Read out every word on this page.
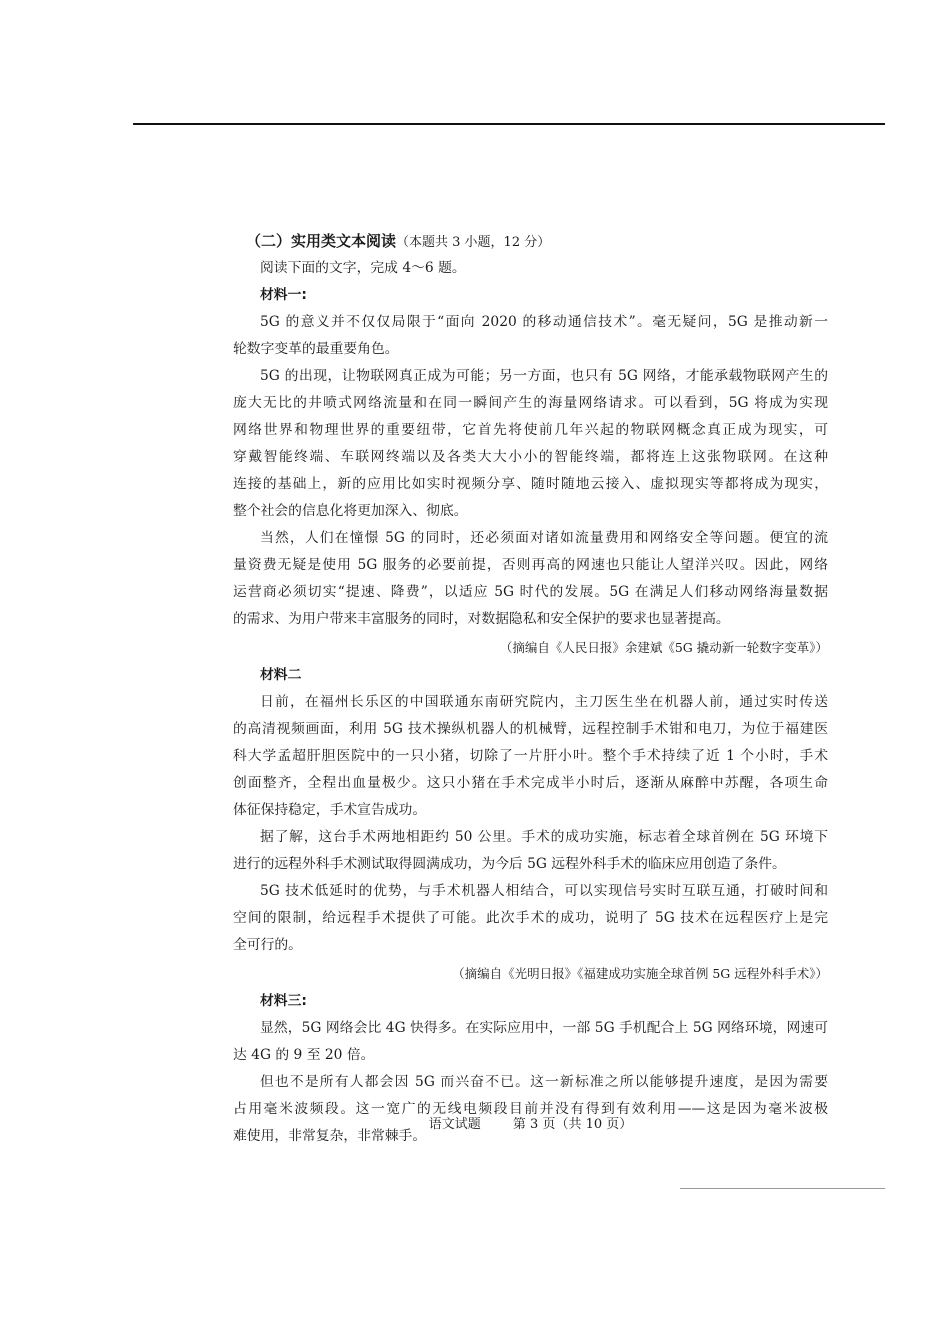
（二）实用类文本阅读（本题共 3 小题，12 分）
阅读下面的文字，完成 4～6 题。
材料一:
5G 的意义并不仅仅局限于“面向 2020 的移动通信技术”。毫无疑问，5G 是推动新一
轮数字变革的最重要角色。
5G 的出现，让物联网真正成为可能；另一方面，也只有 5G 网络，才能承载物联网产生的
庞大无比的井喷式网络流量和在同一瞬间产生的海量网络请求。可以看到，5G 将成为实现
网络世界和物理世界的重要纽带，它首先将使前几年兴起的物联网概念真正成为现实，可
穿戴智能终端、车联网终端以及各类大大小小的智能终端，都将连上这张物联网。在这种
连接的基础上，新的应用比如实时视频分享、随时随地云接入、虚拟现实等都将成为现实，
整个社会的信息化将更加深入、彻底。
当然，人们在憧憬 5G 的同时，还必须面对诸如流量费用和网络安全等问题。便宜的流
量资费无疑是使用 5G 服务的必要前提，否则再高的网速也只能让人望洋兴叹。因此，网络
运营商必须切实“提速、降费”，以适应 5G 时代的发展。5G 在满足人们移动网络海量数据
的需求、为用户带来丰富服务的同时，对数据隐私和安全保护的要求也显著提高。
（摘编自《人民日报》余建斌《5G 撬动新一轮数字变革》）
材料二
日前，在福州长乐区的中国联通东南研究院内，主刀医生坐在机器人前，通过实时传送
的高清视频画面，利用 5G 技术操纵机器人的机械臂，远程控制手术钳和电刀，为位于福建医
科大学孟超肝胆医院中的一只小猪，切除了一片肝小叶。整个手术持续了近 1 个小时，手术
创面整齐，全程出血量极少。这只小猪在手术完成半小时后，逐渐从麻醉中苏醒，各项生命
体征保持稳定，手术宣告成功。
据了解，这台手术两地相距约 50 公里。手术的成功实施，标志着全球首例在 5G 环境下
进行的远程外科手术测试取得圆满成功，为今后 5G 远程外科手术的临床应用创造了条件。
5G 技术低延时的优势，与手术机器人相结合，可以实现信号实时互联互通，打破时间和
空间的限制，给远程手术提供了可能。此次手术的成功，说明了 5G 技术在远程医疗上是完
全可行的。
（摘编自《光明日报》《福建成功实施全球首例 5G 远程外科手术》）
材料三:
显然，5G 网络会比 4G 快得多。在实际应用中，一部 5G 手机配合上 5G 网络环境，网速可
达 4G 的 9 至 20 倍。
但也不是所有人都会因 5G 而兴奋不已。这一新标准之所以能够提升速度，是因为需要
占用毫米波频段。这一宽广的无线电频段目前并没有得到有效利用——这是因为毫米波极
难使用，非常复杂，非常棘手。
语文试题 第 3 页（共 10 页）
